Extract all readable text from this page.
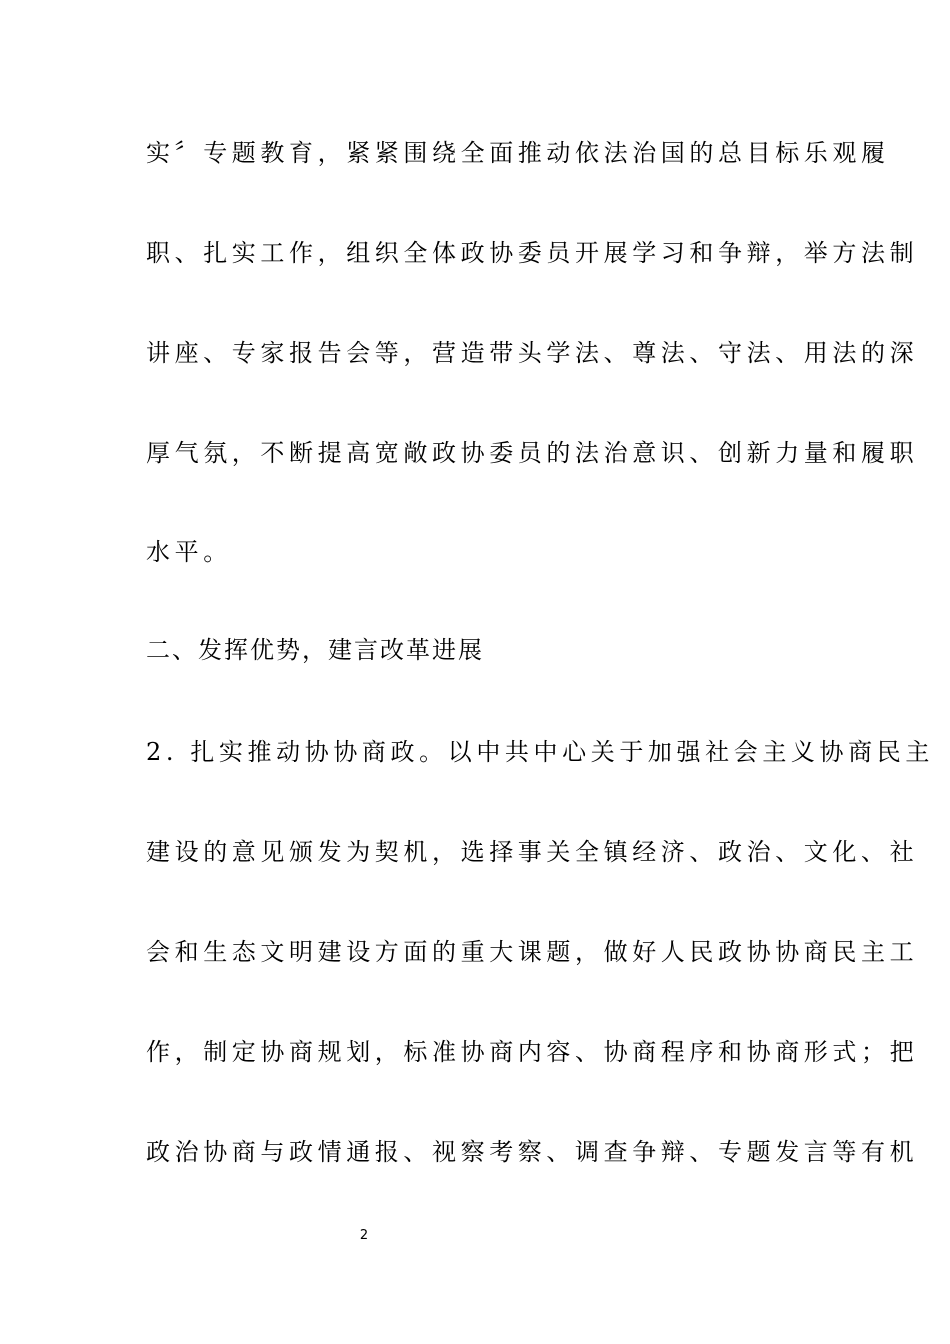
实〞专题教育，紧紧围绕全面推动依法治国的总目标乐观履
职、扎实工作，组织全体政协委员开展学习和争辩，举方法制
讲座、专家报告会等，营造带头学法、尊法、守法、用法的深
厚气氛，不断提高宽敞政协委员的法治意识、创新力量和履职
水平。
二、发挥优势，建言改革进展
2. 扎实推动协协商政。以中共中心关于加强社会主义协商民主
建设的意见颁发为契机，选择事关全镇经济、政治、文化、社
会和生态文明建设方面的重大课题，做好人民政协协商民主工
作，制定协商规划，标准协商内容、协商程序和协商形式；把
政治协商与政情通报、视察考察、调查争辩、专题发言等有机
2
